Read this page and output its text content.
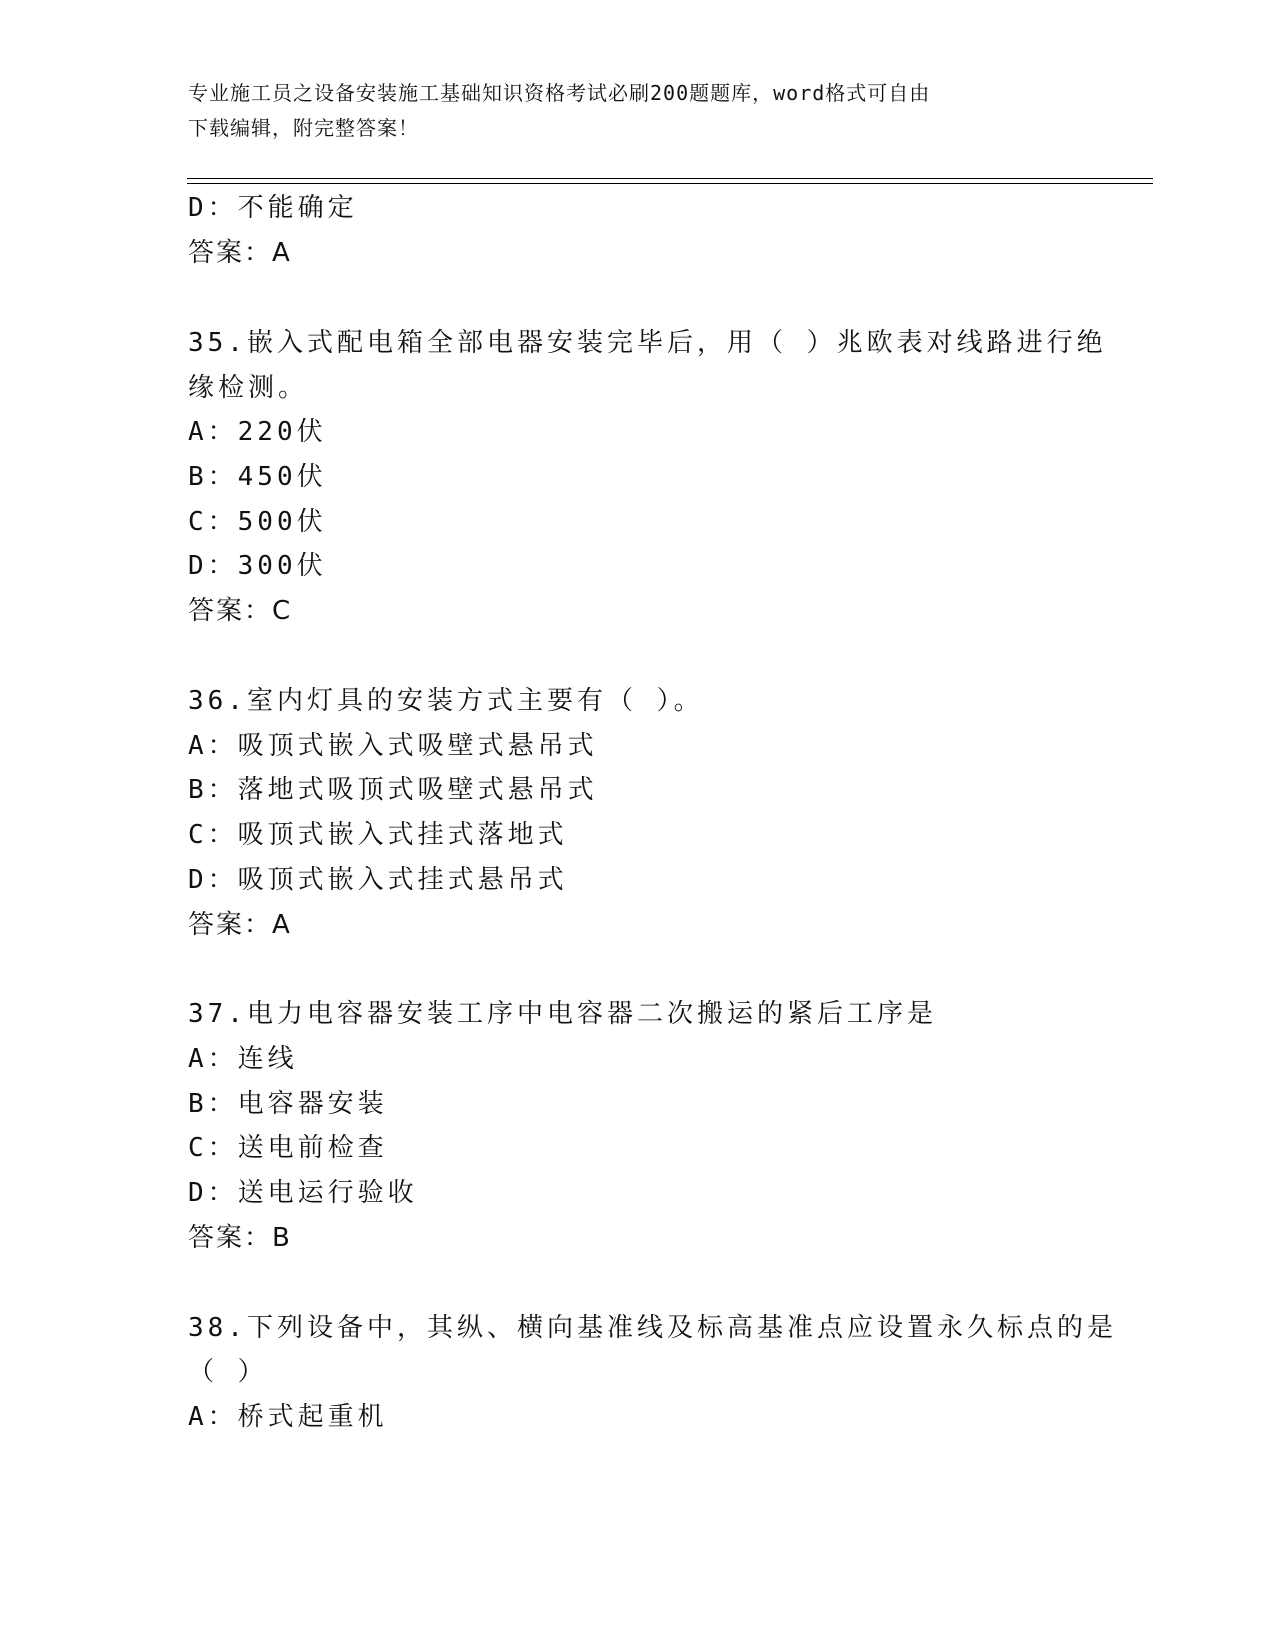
专业施工员之设备安装施工基础知识资格考试必刷200题题库，word格式可自由
下载编辑，附完整答案！
D：不能确定
答案：A
35.嵌入式配电箱全部电器安装完毕后，用（ ）兆欧表对线路进行绝
缘检测。
A：220伏
B：450伏
C：500伏
D：300伏
答案：C
36.室内灯具的安装方式主要有（ ）。
A：吸顶式嵌入式吸壁式悬吊式
B：落地式吸顶式吸壁式悬吊式
C：吸顶式嵌入式挂式落地式
D：吸顶式嵌入式挂式悬吊式
答案：A
37.电力电容器安装工序中电容器二次搬运的紧后工序是
A：连线
B：电容器安装
C：送电前检查
D：送电运行验收
答案：B
38.下列设备中，其纵、横向基准线及标高基准点应设置永久标点的是
（ ）
A：桥式起重机
